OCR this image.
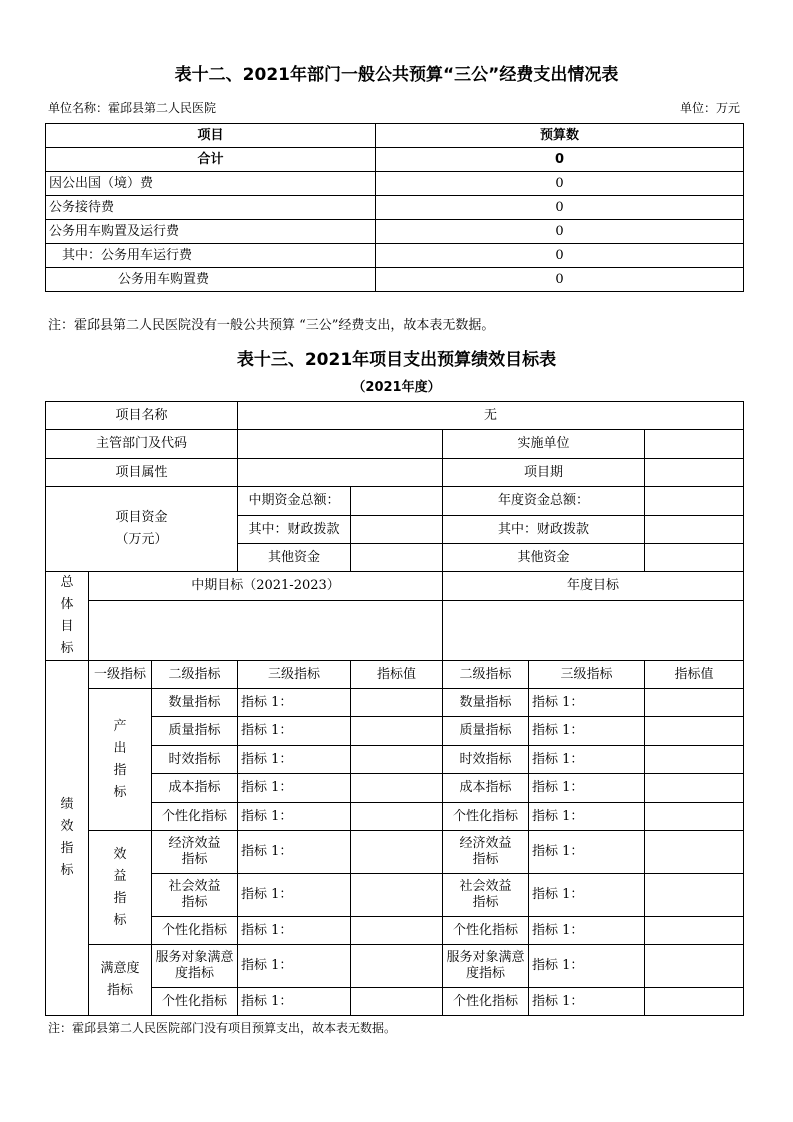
表十二、2021年部门一般公共预算“三公”经费支出情况表
单位名称：霍邱县第二人民医院	单位：万元
项目	预算数
合计	0
因公出国（境）费	0
公务接待费	0
公务用车购置及运行费	0
其中：公务用车运行费	0
公务用车购置费	0
注：霍邱县第二人民医院没有一般公共预算 “三公”经费支出，故本表无数据。
表十三、2021年项目支出预算绩效目标表
（2021年度）
项目名称			无				
主管部门及代码					实施单位		
项目属性					项目期		

项目资金
（万元）			中期资金总额：		年度资金总额：		
			其中：财政拨款		其中：财政拨款		
			其他资金		其他资金		
总体目标	中期目标（2021-2023）				年度目标		

绩效指标	一级指标	二级指标	三级指标	指标值	二级指标	三级指标	指标值
	产出指标	数量指标	指标 1：		数量指标	指标 1：	
		质量指标	指标 1：		质量指标	指标 1：	
		时效指标	指标 1：		时效指标	指标 1：	
		成本指标	指标 1：		成本指标	指标 1：	
		个性化指标	指标 1：		个性化指标	指标 1：	
	效益指标	经济效益指标	指标 1：		经济效益指标	指标 1：	
		社会效益指标	指标 1：		社会效益指标	指标 1：	
		个性化指标	指标 1：		个性化指标	指标 1：	
	满意度指标	服务对象满意度指标	指标 1：		服务对象满意度指标	指标 1：	
		个性化指标	指标 1：		个性化指标	指标 1：	
注：霍邱县第二人民医院部门没有项目预算支出，故本表无数据。
